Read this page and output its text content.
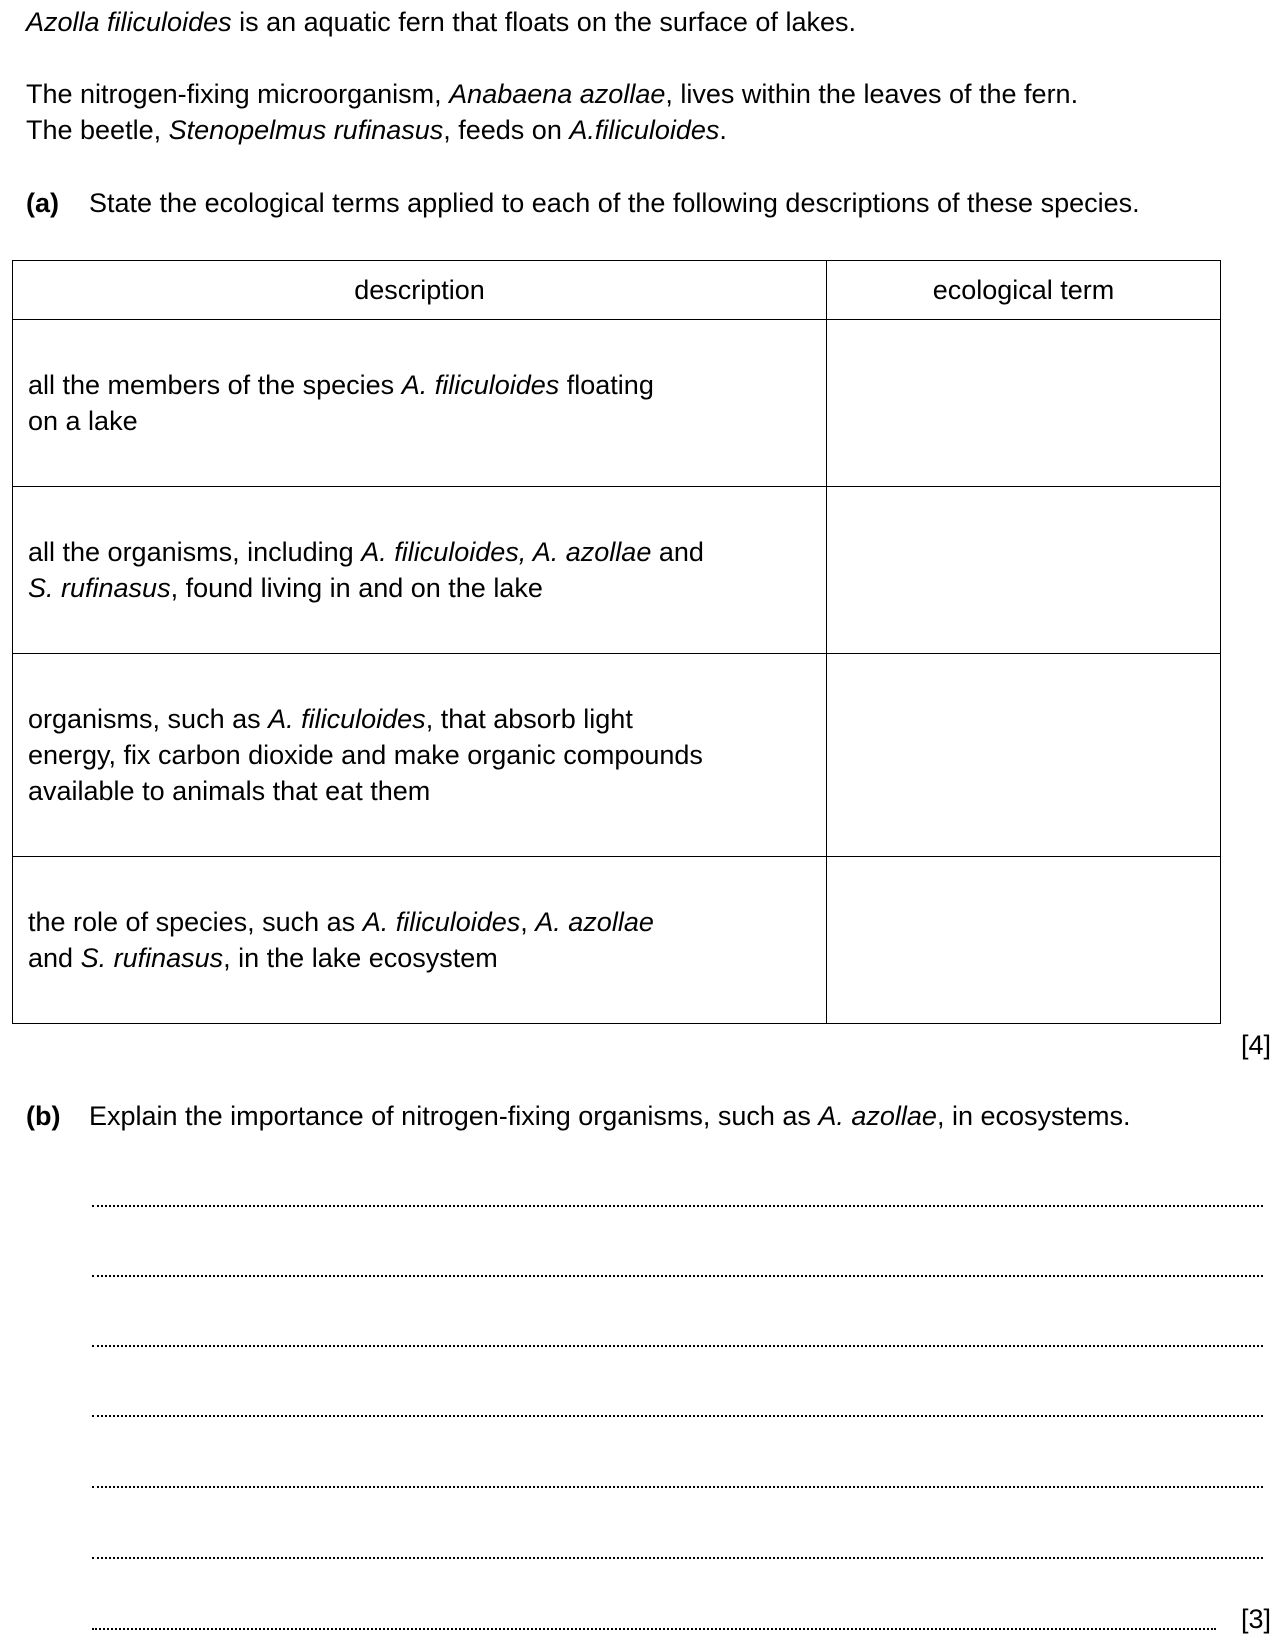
Azolla filiculoides is an aquatic fern that floats on the surface of lakes.
The nitrogen-fixing microorganism, Anabaena azollae, lives within the leaves of the fern.
The beetle, Stenopelmus rufinasus, feeds on A.filiculoides.
(a) State the ecological terms applied to each of the following descriptions of these species.
description	ecological term
all the members of the species A. filiculoides floating
on a lake	
all the organisms, including A. filiculoides, A. azollae and
S. rufinasus, found living in and on the lake	
organisms, such as A. filiculoides, that absorb light
energy, fix carbon dioxide and make organic compounds
available to animals that eat them	
the role of species, such as A. filiculoides, A. azollae
and S. rufinasus, in the lake ecosystem	
[4]
(b) Explain the importance of nitrogen-fixing organisms, such as A. azollae, in ecosystems.
[3]
